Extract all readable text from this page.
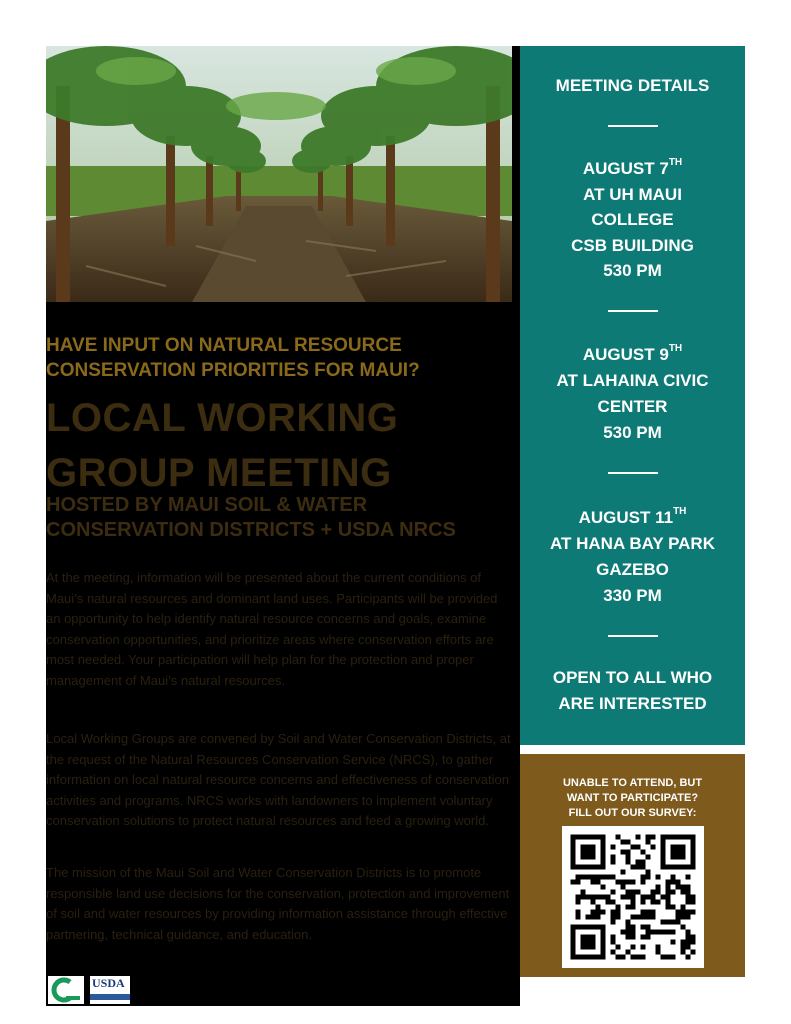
HAVE INPUT ON NATURAL RESOURCE
CONSERVATION PRIORITIES FOR MAUI?
LOCAL WORKING
GROUP MEETING
HOSTED BY MAUI SOIL & WATER
CONSERVATION DISTRICTS + USDA NRCS

At the meeting, information will be presented about the current conditions of Maui’s natural resources and dominant land uses. Participants will be provided an opportunity to help identify natural resource concerns and goals, examine conservation opportunities, and prioritize areas where conservation efforts are most needed. Your participation will help plan for the protection and proper management of Maui’s natural resources.

Local Working Groups are convened by Soil and Water Conservation Districts, at the request of the Natural Resources Conservation Service (NRCS), to gather information on local natural resource concerns and effectiveness of conservation activities and programs. NRCS works with landowners to implement voluntary conservation solutions to protect natural resources and feed a growing world.

The mission of the Maui Soil and Water Conservation Districts is to promote responsible land use decisions for the conservation, protection and improvement of soil and water resources by providing information assistance through effective partnering, technical guidance, and education.

USDA

MEETING DETAILS

AUGUST 7TH

AT UH MAUI

COLLEGE

CSB BUILDING

530 PM

AUGUST 9TH

AT LAHAINA CIVIC

CENTER

530 PM

AUGUST 11TH

AT HANA BAY PARK

GAZEBO

330 PM

OPEN TO ALL WHO

ARE INTERESTED

UNABLE TO ATTEND, BUT
WANT TO PARTICIPATE?
FILL OUT OUR SURVEY:
